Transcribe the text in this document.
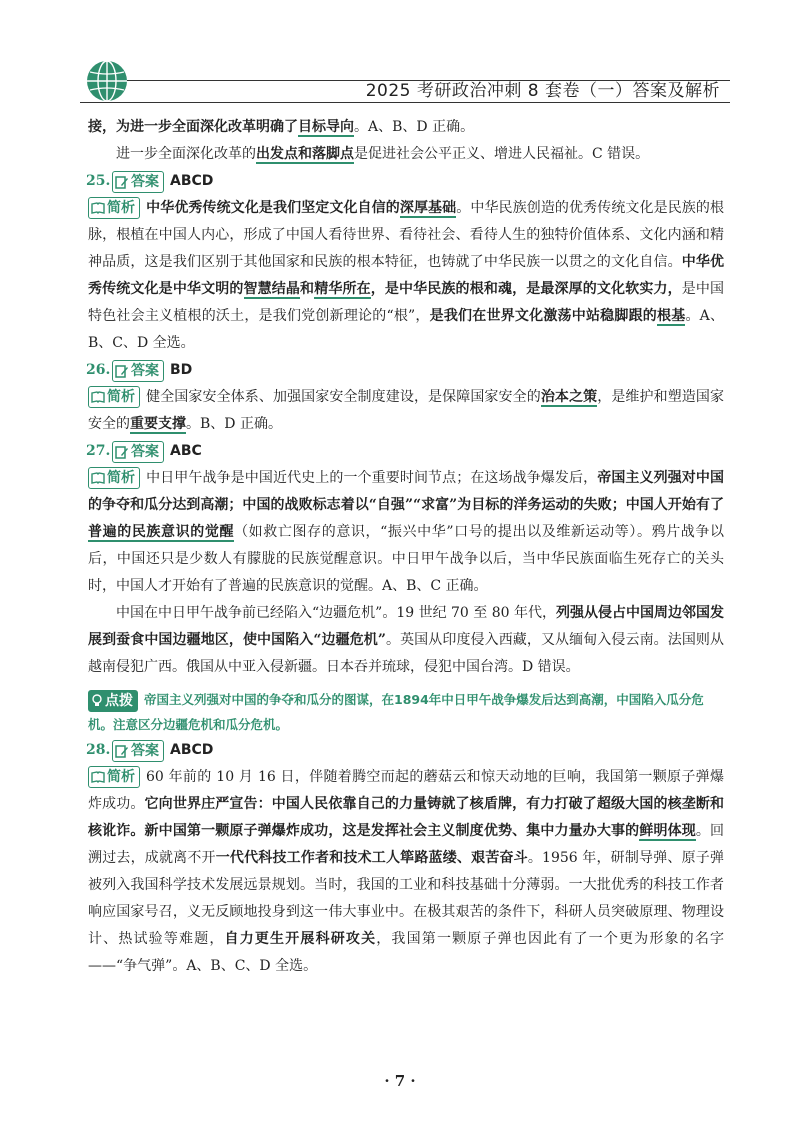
2025 考研政治冲刺 8 套卷（一）答案及解析

接，为进一步全面深化改革明确了目标导向。A、B、D 正确。

进一步全面深化改革的出发点和落脚点是促进社会公平正义、增进人民福祉。C 错误。

25. 答案 ABCD

简析 中华优秀传统文化是我们坚定文化自信的深厚基础。中华民族创造的优秀传统文化是民族的根脉，根植在中国人内心，形成了中国人看待世界、看待社会、看待人生的独特价值体系、文化内涵和精神品质，这是我们区别于其他国家和民族的根本特征，也铸就了中华民族一以贯之的文化自信。中华优秀传统文化是中华文明的智慧结晶和精华所在，是中华民族的根和魂，是最深厚的文化软实力，是中国特色社会主义植根的沃土，是我们党创新理论的“根”，是我们在世界文化激荡中站稳脚跟的根基。A、B、C、D 全选。

26. 答案 BD

简析 健全国家安全体系、加强国家安全制度建设，是保障国家安全的治本之策，是维护和塑造国家安全的重要支撑。B、D 正确。

27. 答案 ABC

简析 中日甲午战争是中国近代史上的一个重要时间节点；在这场战争爆发后，帝国主义列强对中国的争夺和瓜分达到高潮；中国的战败标志着以“自强”“求富”为目标的洋务运动的失败；中国人开始有了普遍的民族意识的觉醒（如救亡图存的意识，“振兴中华”口号的提出以及维新运动等）。鸦片战争以后，中国还只是少数人有朦胧的民族觉醒意识。中日甲午战争以后，当中华民族面临生死存亡的关头时，中国人才开始有了普遍的民族意识的觉醒。A、B、C 正确。

中国在中日甲午战争前已经陷入“边疆危机”。19 世纪 70 至 80 年代，列强从侵占中国周边邻国发展到蚕食中国边疆地区，使中国陷入“边疆危机”。英国从印度侵入西藏，又从缅甸入侵云南。法国则从越南侵犯广西。俄国从中亚入侵新疆。日本吞并琉球，侵犯中国台湾。D 错误。

点拨 帝国主义列强对中国的争夺和瓜分的图谋，在1894年中日甲午战争爆发后达到高潮，中国陷入瓜分危机。注意区分边疆危机和瓜分危机。

28. 答案 ABCD

简析 60 年前的 10 月 16 日，伴随着腾空而起的蘑菇云和惊天动地的巨响，我国第一颗原子弹爆炸成功。它向世界庄严宣告：中国人民依靠自己的力量铸就了核盾牌，有力打破了超级大国的核垄断和核讹诈。新中国第一颗原子弹爆炸成功，这是发挥社会主义制度优势、集中力量办大事的鲜明体现。回溯过去，成就离不开一代代科技工作者和技术工人筚路蓝缕、艰苦奋斗。1956 年，研制导弹、原子弹被列入我国科学技术发展远景规划。当时，我国的工业和科技基础十分薄弱。一大批优秀的科技工作者响应国家号召，义无反顾地投身到这一伟大事业中。在极其艰苦的条件下，科研人员突破原理、物理设计、热试验等难题，自力更生开展科研攻关，我国第一颗原子弹也因此有了一个更为形象的名字——“争气弹”。A、B、C、D 全选。

· 7 ·
